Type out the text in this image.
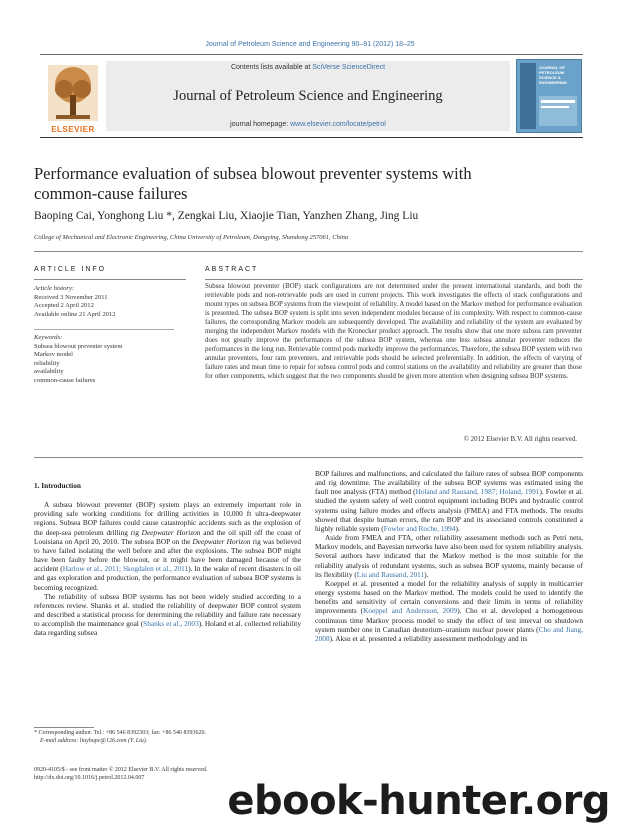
Journal of Petroleum Science and Engineering 90–91 (2012) 18–25
ELSEVIER
Contents lists available at SciVerse ScienceDirect
Journal of Petroleum Science and Engineering
journal homepage: www.elsevier.com/locate/petrol
JOURNAL OF PETROLEUM SCIENCE & ENGINEERING
Performance evaluation of subsea blowout preventer systems with
common-cause failures
Baoping Cai, Yonghong Liu *, Zengkai Liu, Xiaojie Tian, Yanzhen Zhang, Jing Liu
College of Mechanical and Electronic Engineering, China University of Petroleum, Dongying, Shandong 257061, China
ARTICLE INFO	ABSTRACT
Article history:
Received 3 November 2011
Accepted 2 April 2012
Available online 21 April 2012
Keywords:
Subsea blowout preventer system
Markov model
reliability
availability
common-cause failures
Subsea blowout preventer (BOP) stack configurations are not determined under the present international standards, and both the retrievable pods and non-retrievable pods are used in current projects. This work investigates the effects of stack configurations and mount types on subsea BOP systems from the viewpoint of reliability. A model based on the Markov method for performance evaluation is presented. The subsea BOP system is split into seven independent modules because of its complexity. With respect to common-cause failures, the corresponding Markov models are subsequently developed. The availability and reliability of the system are evaluated by merging the independent Markov models with the Kronecker product approach. The results show that one more subsea ram preventer does not greatly improve the performances of the subsea BOP system, whereas one less subsea annular preventer reduces the performances in the long run. Retrievable control pods markedly improve the performances. Therefore, the subsea BOP system with two annular preventers, four ram preventers, and retrievable pods should be selected preferentially. In addition, the effects of varying of failure rates and mean time to repair for subsea control pods and control stations on the availability and reliability are greater than those for other components, which suggest that the two components should be given more attention when designing subsea BOP systems.
© 2012 Elsevier B.V. All rights reserved.

1. Introduction

A subsea blowout preventer (BOP) system plays an extremely important role in providing safe working conditions for drilling activities in 10,000 ft ultra-deepwater regions. Subsea BOP failures could cause catastrophic accidents such as the explosion of the deep-sea petroleum drilling rig Deepwater Horizon and the oil spill off the coast of Louisiana on April 20, 2010. The subsea BOP on the Deepwater Horizon rig was believed to have failed isolating the well before and after the explosions. The subsea BOP might have been faulty before the blowout, or it might have been damaged because of the accident (Harlow et al., 2011; Skogdalen et al., 2011). In the wake of recent disasters in oil and gas exploration and production, the performance evaluation of subsea BOP systems is becoming recognized.

The reliability of subsea BOP systems has not been widely studied according to a references review. Shanks et al. studied the reliability of deepwater BOP control system and described a statistical process for determining the reliability and failure rate necessary to accomplish the maintenance goal (Shanks et al., 2003). Holand et al. collected reliability data regarding subsea

BOP failures and malfunctions, and calculated the failure rates of subsea BOP components and rig downtime. The availability of the subsea BOP systems was estimated using the fault tree analysis (FTA) method (Holand and Rausand, 1987; Holand, 1991). Fowler et al. studied the system safety of well control equipment including BOPs and hydraulic control systems using failure modes and effects analysis (FMEA) and FTA methods. The results showed that despite human errors, the ram BOP and its associated controls constituted a highly reliable system (Fowler and Roche, 1994).

Aside from FMEA and FTA, other reliability assessment methods such as Petri nets, Markov models, and Bayesian networks have also been used for system reliability analysis. Several authors have indicated that the Markov method is the most suitable for the reliability analysis of redundant systems, such as subsea BOP systems, mainly because of its flexibility (Liu and Rausand, 2011).

Koeppel et al. presented a model for the reliability analysis of supply in multicarrier energy systems based on the Markov method. The models could be used to identify the benefits and sensitivity of certain conversions and their limits in terms of reliability improvements (Koeppel and Andersson, 2009). Cho et al. developed a homogeneous continuous time Markov process model to study the effect of test interval on shutdown system number one in Canadian deuterium–uranium nuclear power plants (Cho and Jiang, 2008). Aksu et al. presented a reliability assessment methodology and its

* Corresponding author. Tel.: +86 546 8392303; fax: +86 546 8393620.
E-mail address: liuyhupc@126.com (Y. Liu).
0920-4105/$ - see front matter © 2012 Elsevier B.V. All rights reserved.
http://dx.doi.org/10.1016/j.petrol.2012.04.007	ebook-hunter.org
